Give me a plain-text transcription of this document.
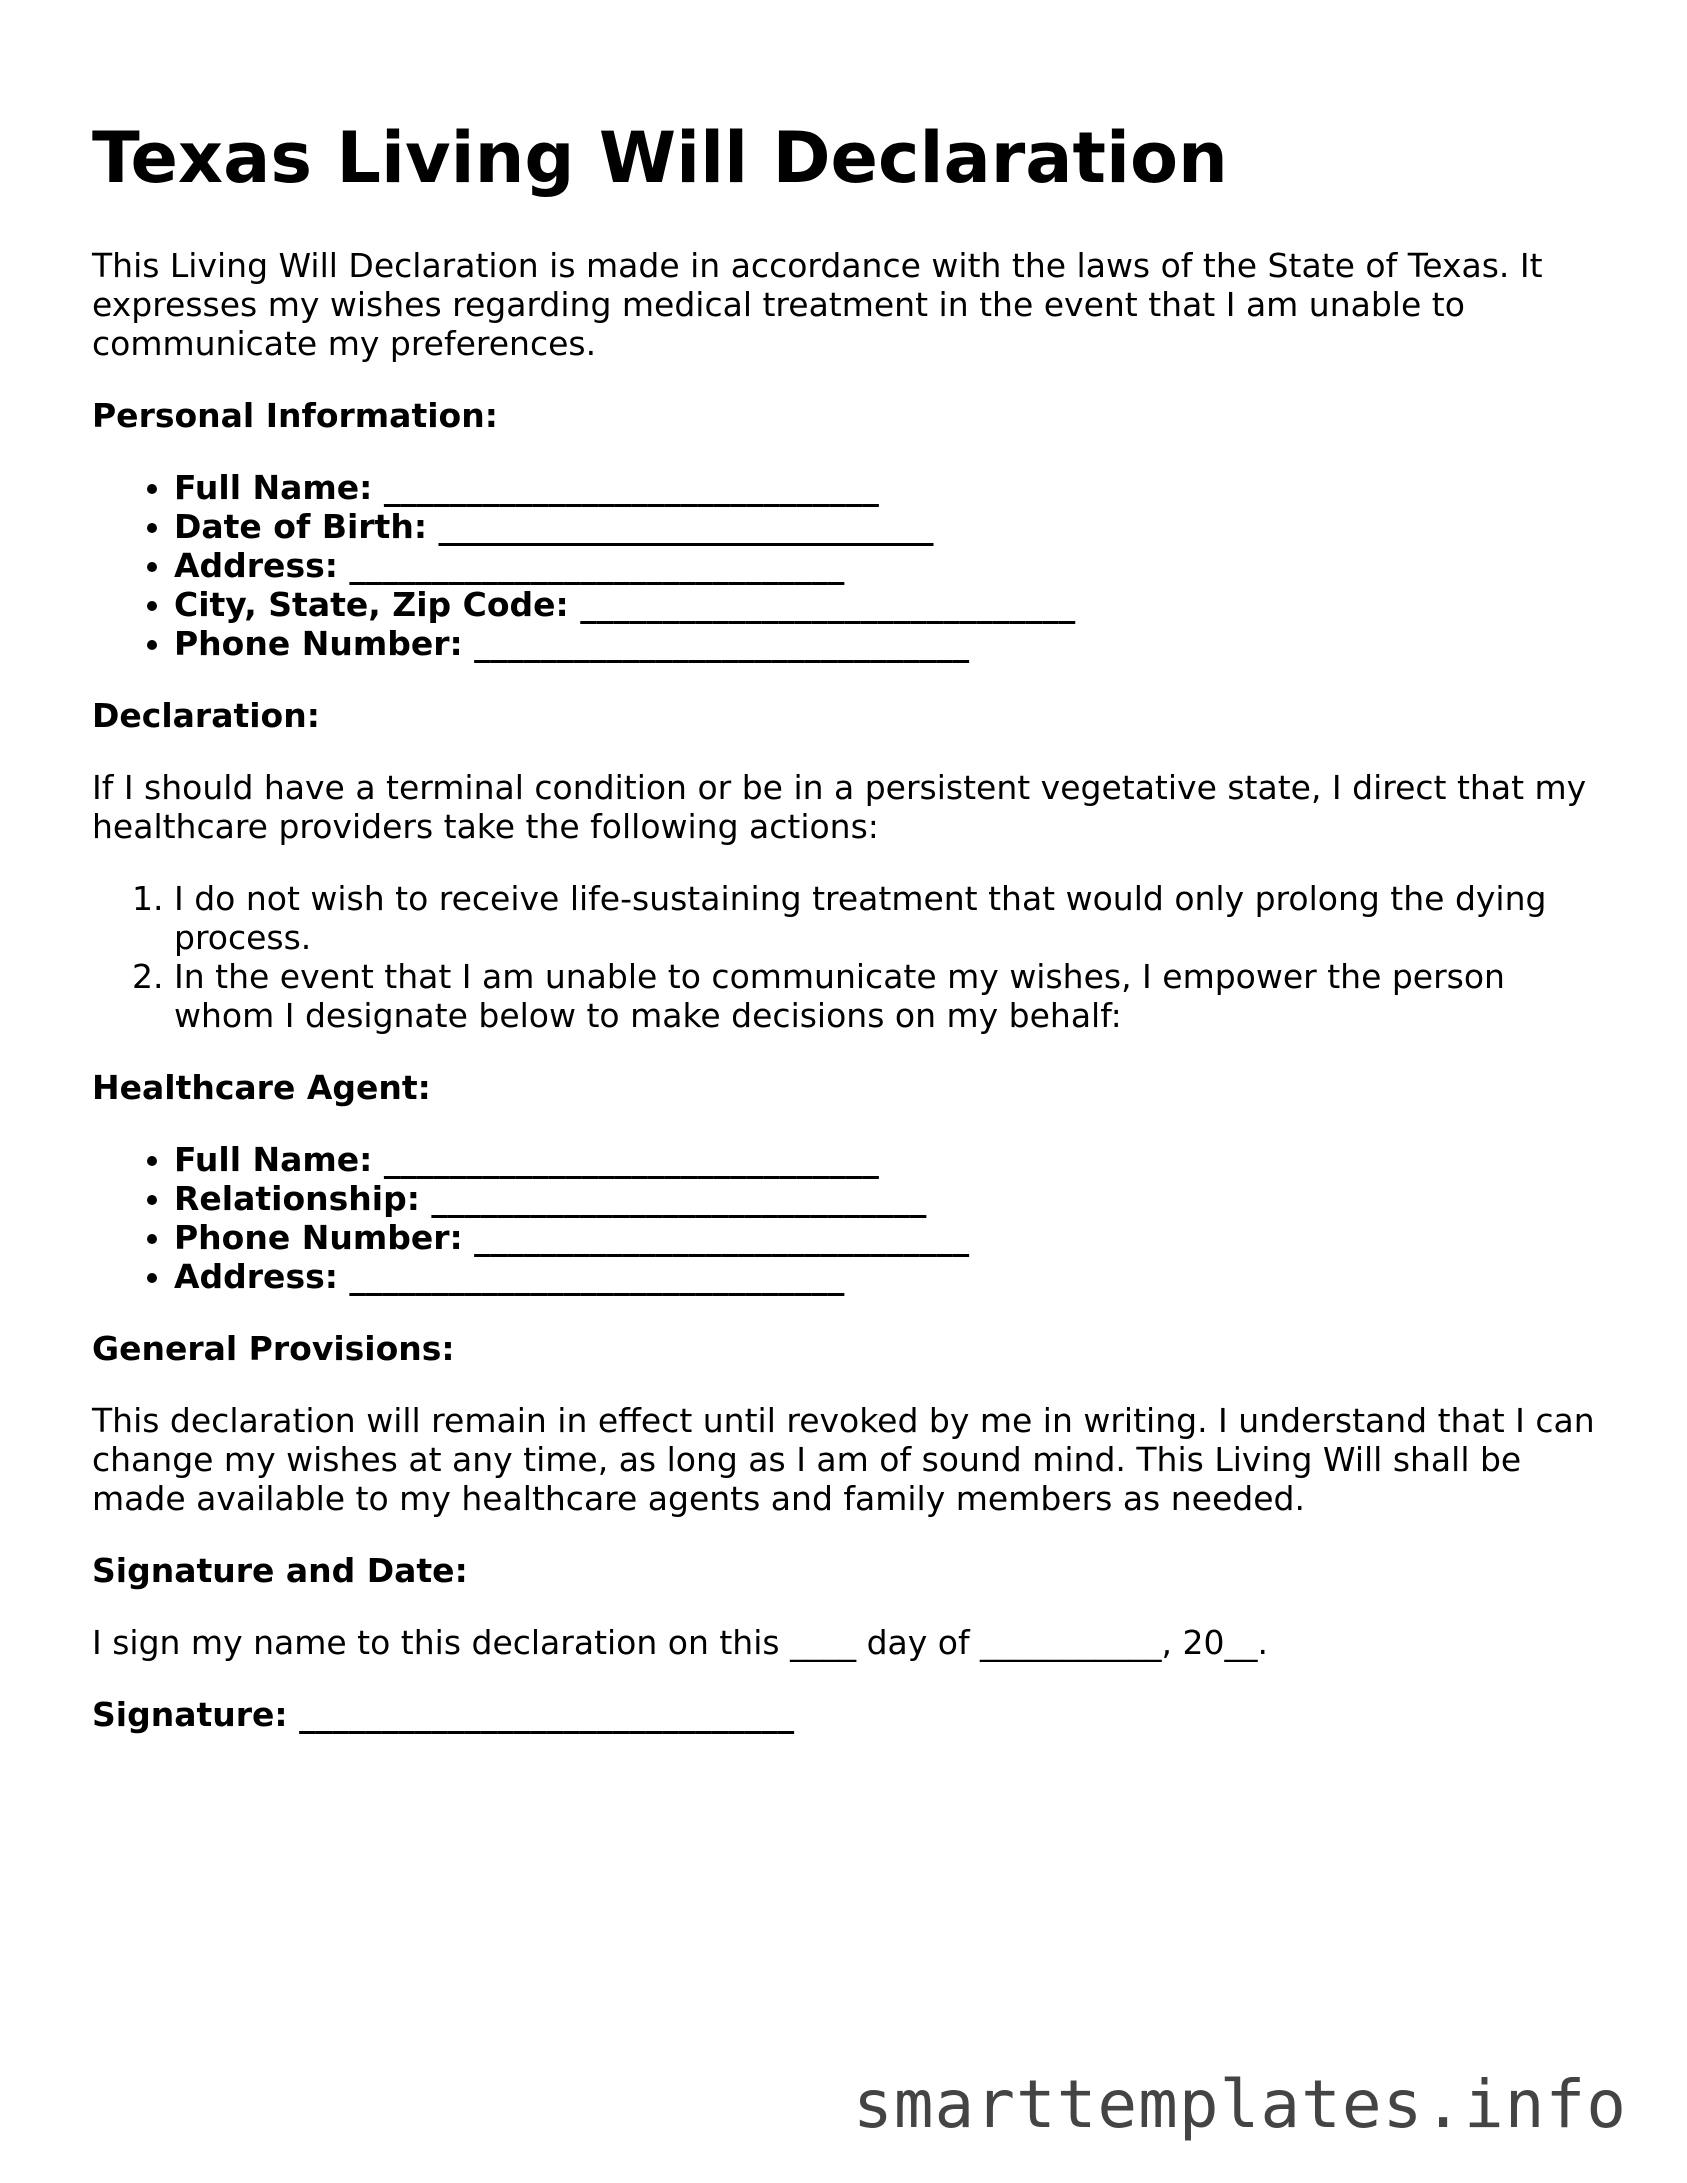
Texas Living Will Declaration

This Living Will Declaration is made in accordance with the laws of the State of Texas. It expresses my wishes regarding medical treatment in the event that I am unable to communicate my preferences.

Personal Information:
• Full Name: ______________________________
• Date of Birth: ______________________________
• Address: ______________________________
• City, State, Zip Code: ______________________________
• Phone Number: ______________________________
Declaration:

If I should have a terminal condition or be in a persistent vegetative state, I direct that my healthcare providers take the following actions:

1. I do not wish to receive life-sustaining treatment that would only prolong the dying process.
2. In the event that I am unable to communicate my wishes, I empower the person whom I designate below to make decisions on my behalf:
Healthcare Agent:
• Full Name: ______________________________
• Relationship: ______________________________
• Phone Number: ______________________________
• Address: ______________________________
General Provisions:

This declaration will remain in effect until revoked by me in writing. I understand that I can change my wishes at any time, as long as I am of sound mind. This Living Will shall be made available to my healthcare agents and family members as needed.

Signature and Date:

I sign my name to this declaration on this ____ day of ___________, 20__.

Signature: ______________________________
smarttemplates.info
